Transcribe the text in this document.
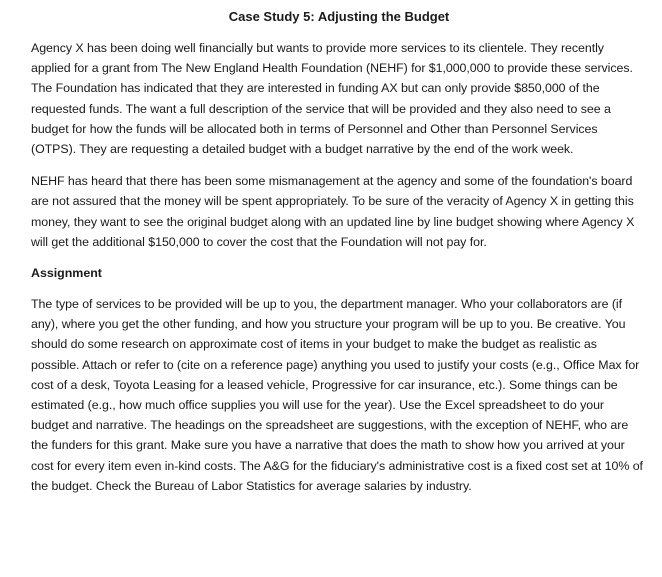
Case Study 5: Adjusting the Budget

Agency X has been doing well financially but wants to provide more services to its clientele. They recently applied for a grant from The New England Health Foundation (NEHF) for $1,000,000 to provide these services. The Foundation has indicated that they are interested in funding AX but can only provide $850,000 of the requested funds. The want a full description of the service that will be provided and they also need to see a budget for how the funds will be allocated both in terms of Personnel and Other than Personnel Services (OTPS). They are requesting a detailed budget with a budget narrative by the end of the work week.

NEHF has heard that there has been some mismanagement at the agency and some of the foundation's board are not assured that the money will be spent appropriately. To be sure of the veracity of Agency X in getting this money, they want to see the original budget along with an updated line by line budget showing where Agency X will get the additional $150,000 to cover the cost that the Foundation will not pay for.

Assignment

The type of services to be provided will be up to you, the department manager. Who your collaborators are (if any), where you get the other funding, and how you structure your program will be up to you. Be creative. You should do some research on approximate cost of items in your budget to make the budget as realistic as possible. Attach or refer to (cite on a reference page) anything you used to justify your costs (e.g., Office Max for cost of a desk, Toyota Leasing for a leased vehicle, Progressive for car insurance, etc.). Some things can be estimated (e.g., how much office supplies you will use for the year). Use the Excel spreadsheet to do your budget and narrative. The headings on the spreadsheet are suggestions, with the exception of NEHF, who are the funders for this grant. Make sure you have a narrative that does the math to show how you arrived at your cost for every item even in-kind costs. The A&G for the fiduciary's administrative cost is a fixed cost set at 10% of the budget. Check the Bureau of Labor Statistics for average salaries by industry.
